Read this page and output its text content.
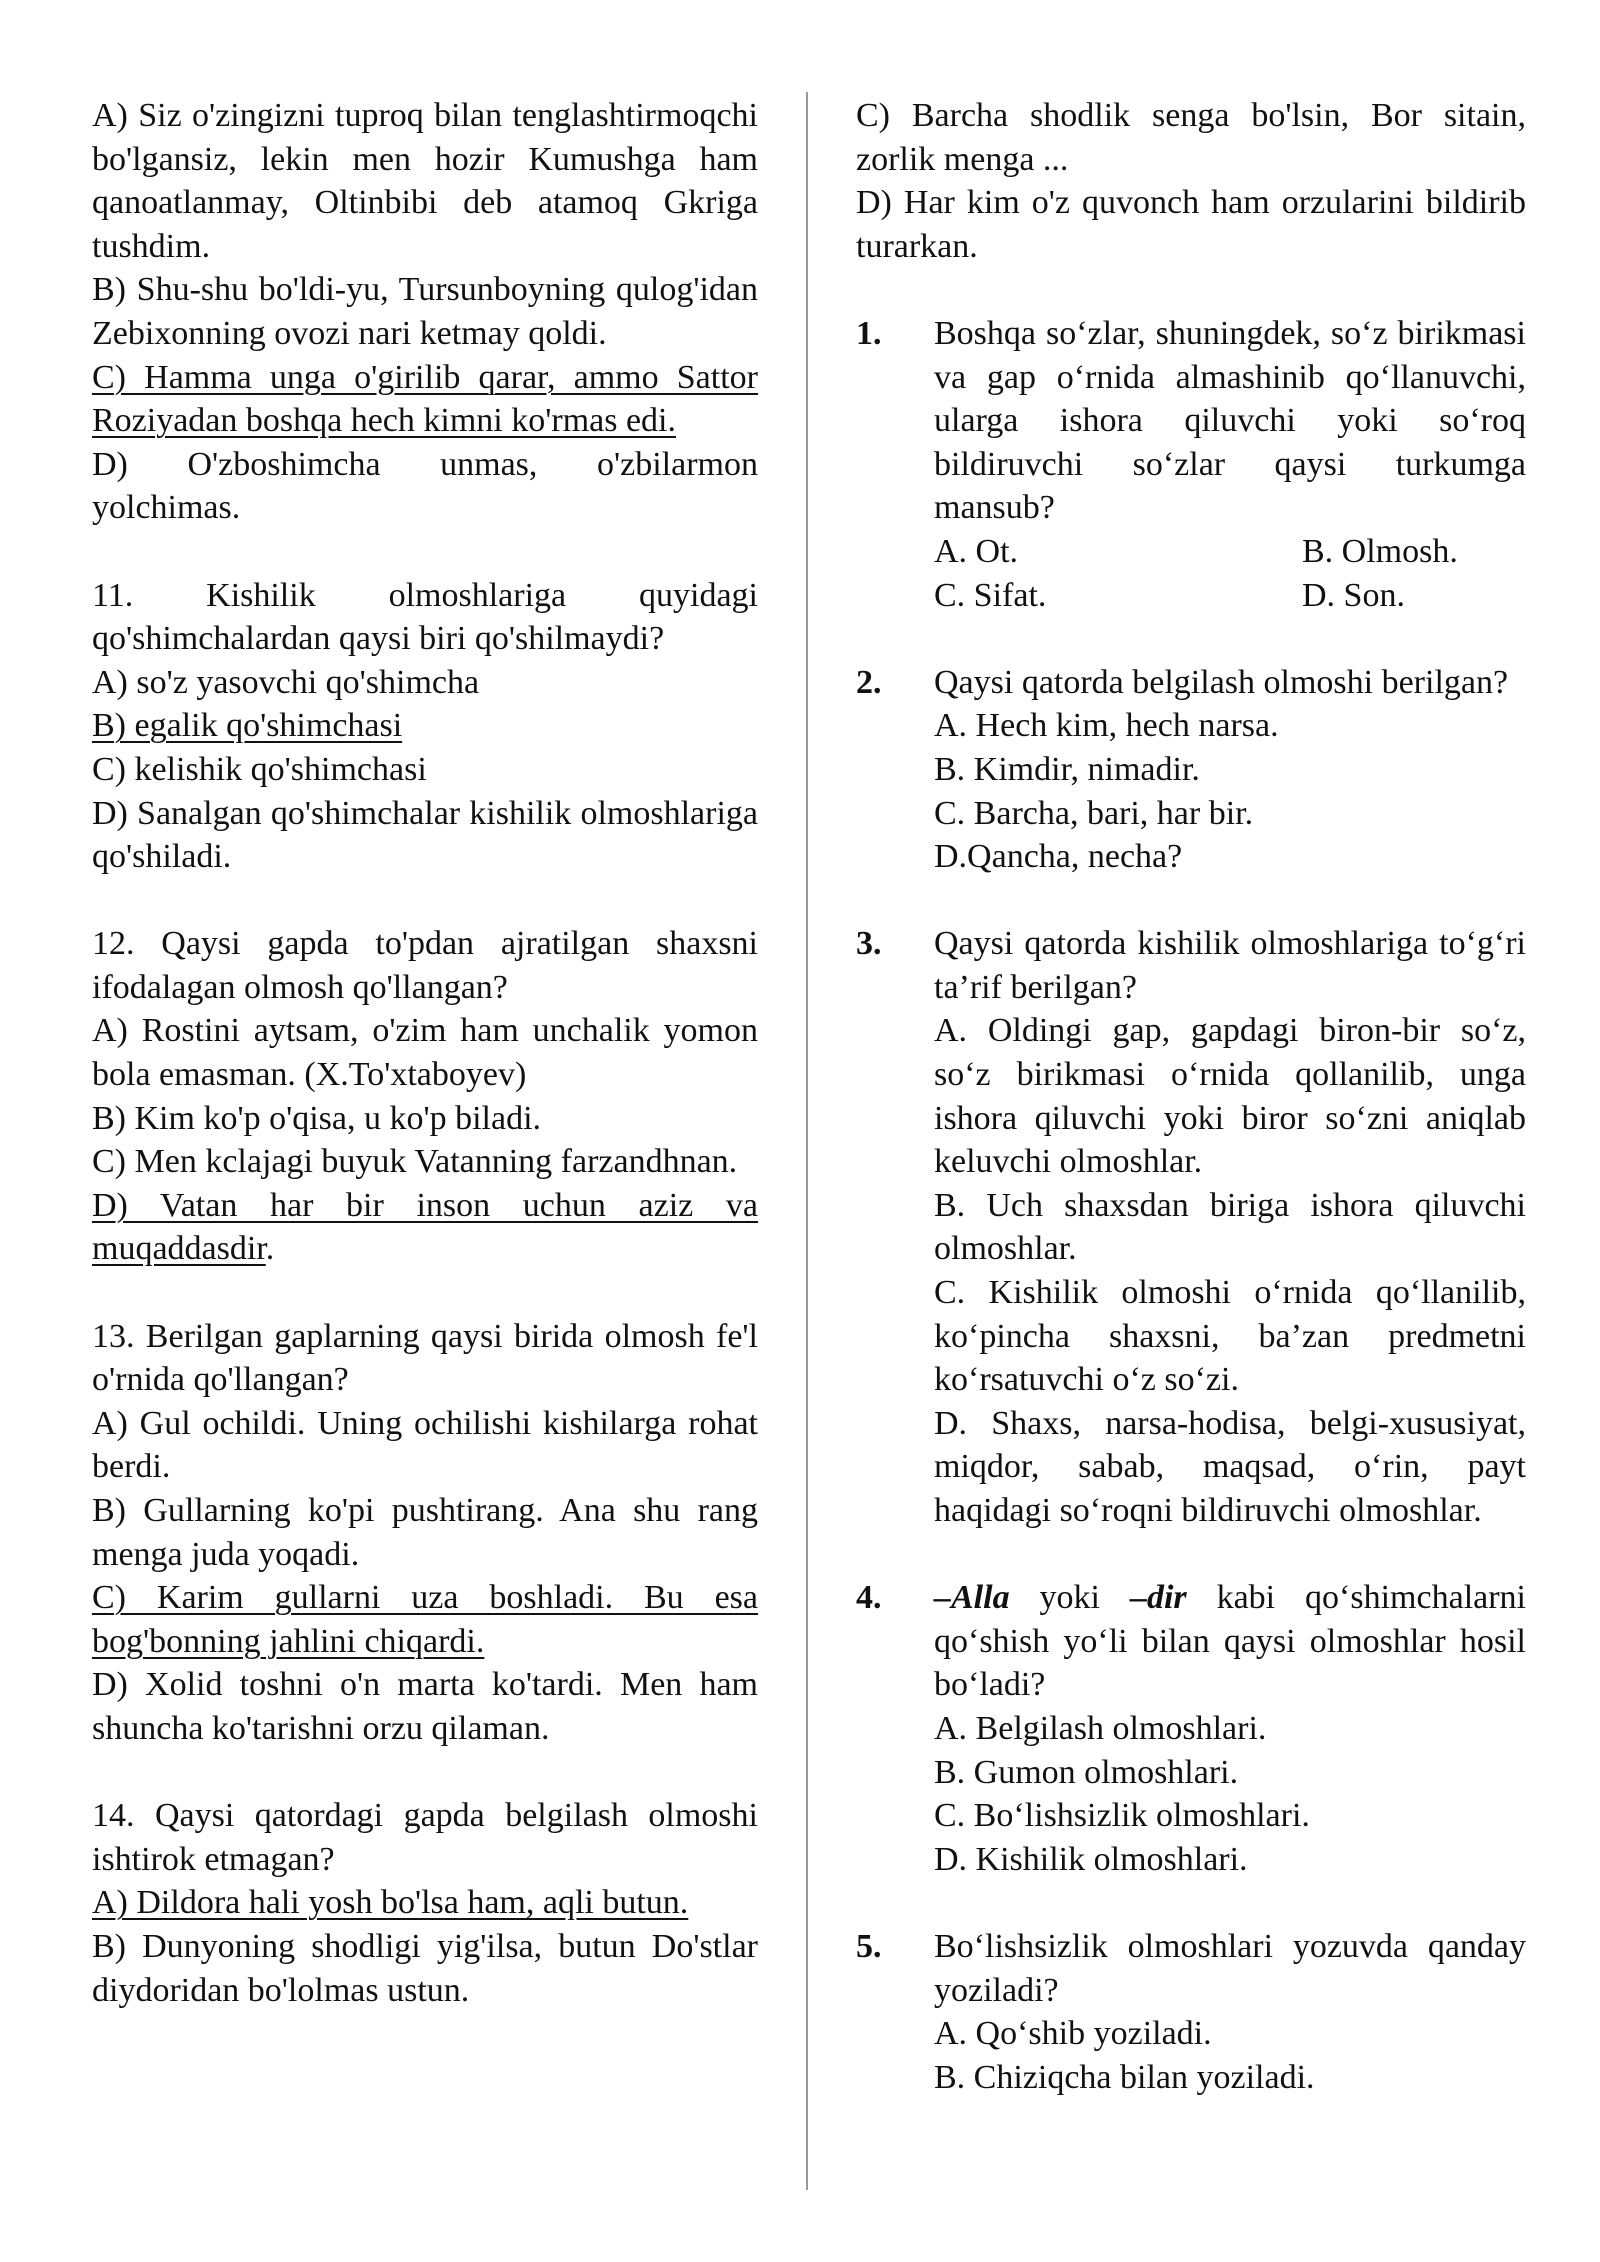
A) Siz o'zingizni tuproq bilan tenglashtirmoqchi bo'lgansiz, lekin men hozir Kumushga ham qanoatlanmay, Oltinbibi deb atamoq Gkriga tushdim.

B) Shu-shu bo'ldi-yu, Tursunboyning qulog'idan Zebixonning ovozi nari ketmay qoldi.

C) Hamma unga o'girilib qarar, ammo Sattor Roziyadan boshqa hech kimni ko'rmas edi.

D) O'zboshimcha unmas, o'zbilarmon yolchimas.

11. Kishilik olmoshlariga quyidagi qo'shimchalardan qaysi biri qo'shilmaydi?

A) so'z yasovchi qo'shimcha

B) egalik qo'shimchasi

C) kelishik qo'shimchasi

D) Sanalgan qo'shimchalar kishilik olmoshlariga qo'shiladi.

12. Qaysi gapda to'pdan ajratilgan shaxsni ifodalagan olmosh qo'llangan?

A) Rostini aytsam, o'zim ham unchalik yomon bola emasman. (X.To'xtaboyev)

B) Kim ko'p o'qisa, u ko'p biladi.

C) Men kclajagi buyuk Vatanning farzandhnan.

D) Vatan har bir inson uchun aziz va muqaddasdir.

13. Berilgan gaplarning qaysi birida olmosh fe'l o'rnida qo'llangan?

A) Gul ochildi. Uning ochilishi kishilarga rohat berdi.

B) Gullarning ko'pi pushtirang. Ana shu rang menga juda yoqadi.

C) Karim gullarni uza boshladi. Bu esa bog'bonning jahlini chiqardi.

D) Xolid toshni o'n marta ko'tardi. Men ham shuncha ko'tarishni orzu qilaman.

14. Qaysi qatordagi gapda belgilash olmoshi ishtirok etmagan?

A) Dildora hali yosh bo'lsa ham, aqli butun.

B) Dunyoning shodligi yig'ilsa, butun Do'stlar diydoridan bo'lolmas ustun.

C) Barcha shodlik senga bo'lsin, Bor sitain, zorlik menga ...

D) Har kim o'z quvonch ham orzularini bildirib turarkan.

1.	Boshqa so‘zlar, shuningdek, so‘z birikmasi va gap o‘rnida almashinib qo‘llanuvchi, ularga ishora qiluvchi yoki so‘roq bildiruvchi so‘zlar qaysi turkumga mansub?

A. Ot.	B. Olmosh.
C. Sifat.	D. Son.
2.	Qaysi qatorda belgilash olmoshi berilgan?

A. Hech kim, hech narsa.

B. Kimdir, nimadir.

C. Barcha, bari, har bir.

D.Qancha, necha?

3.	Qaysi qatorda kishilik olmoshlariga to‘g‘ri ta’rif berilgan?

A. Oldingi gap, gapdagi biron-bir so‘z, so‘z birikmasi o‘rnida qollanilib, unga ishora qiluvchi yoki biror so‘zni aniqlab keluvchi olmoshlar.

B. Uch shaxsdan biriga ishora qiluvchi olmoshlar.

C. Kishilik olmoshi o‘rnida qo‘llanilib, ko‘pincha shaxsni, ba’zan predmetni ko‘rsatuvchi o‘z so‘zi.

D. Shaxs, narsa-hodisa, belgi-xususiyat, miqdor, sabab, maqsad, o‘rin, payt haqidagi so‘roqni bildiruvchi olmoshlar.

4.	–Alla yoki –dir kabi qo‘shimchalarni qo‘shish yo‘li bilan qaysi olmoshlar hosil bo‘ladi?

A. Belgilash olmoshlari.

B. Gumon olmoshlari.

C. Bo‘lishsizlik olmoshlari.

D. Kishilik olmoshlari.

5.	Bo‘lishsizlik olmoshlari yozuvda qanday yoziladi?

A. Qo‘shib yoziladi.

B. Chiziqcha bilan yoziladi.
